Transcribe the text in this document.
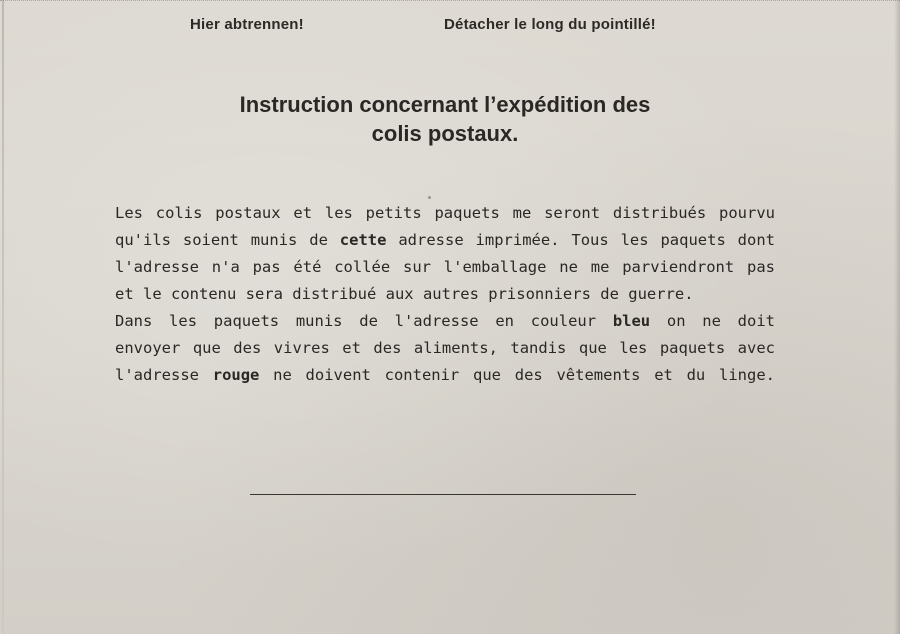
Hier abtrennen!	Détacher le long du pointillé!
Instruction concernant l’expédition des
colis postaux.

Les colis postaux et les petits paquets me seront distribués pourvu

qu'ils soient munis de cette adresse imprimée. Tous les paquets dont

l'adresse n'a pas été collée sur l'emballage ne me parviendront pas

et le contenu sera distribué aux autres prisonniers de guerre.

Dans les paquets munis de l'adresse en couleur bleu on ne doit

envoyer que des vivres et des aliments, tandis que les paquets avec

l'adresse rouge ne doivent contenir que des vêtements et du linge.
